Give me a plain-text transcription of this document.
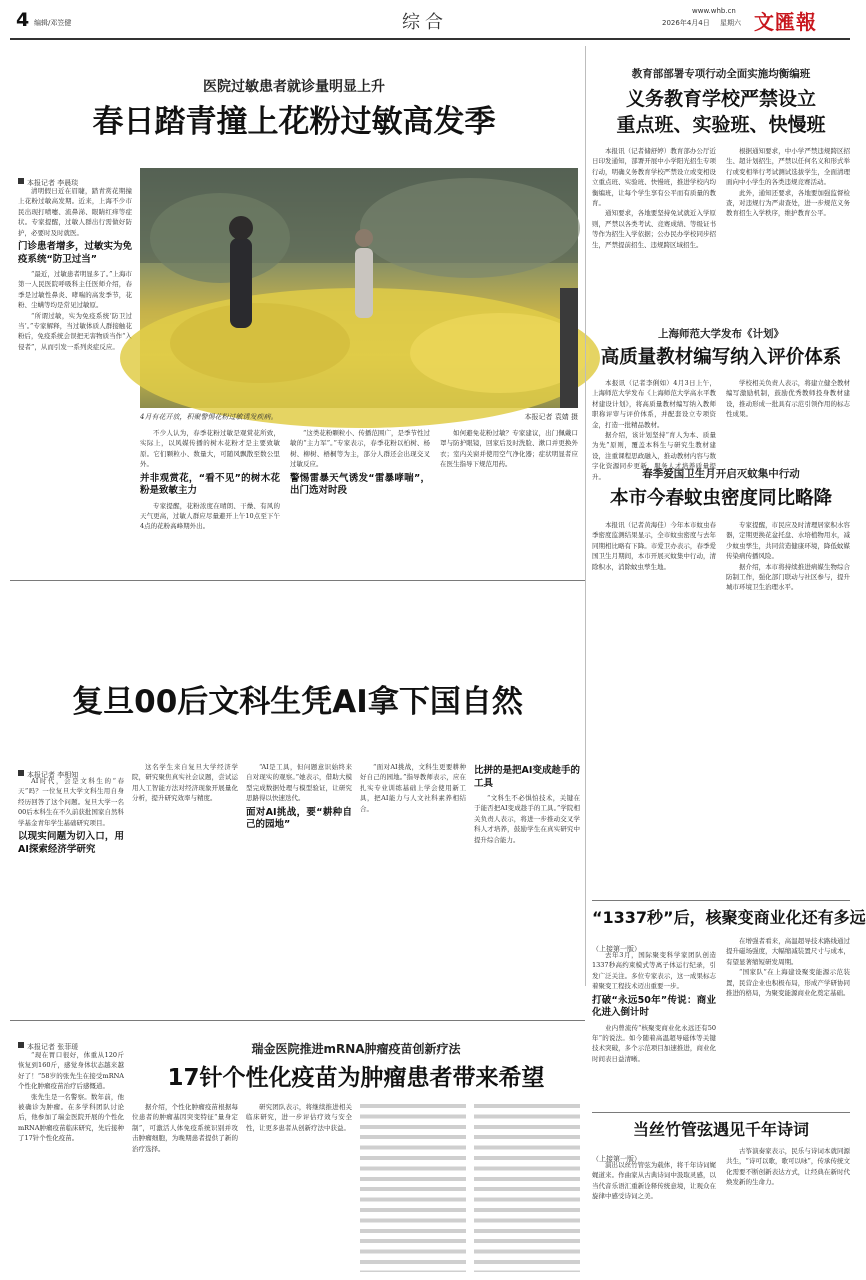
4 编辑/邓笠健	综合
www.whb.cn
2026年4月4日 星期六 文匯報
医院过敏患者就诊量明显上升
春日踏青撞上花粉过敏高发季
本报记者 李晨琰

清明假日近在眉睫，踏青赏花期撞上花粉过敏高发期。近来，上海不少市民出现打喷嚏、流鼻涕、眼睛红痒等症状。专家提醒，过敏人群出行需做好防护，必要时及时就医。

门诊患者增多，过敏实为免疫系统“防卫过当”

“最近，过敏患者明显多了。”上海市第一人民医院呼吸科主任医师介绍，春季是过敏性鼻炎、哮喘的高发季节，花粉、尘螨等均是常见过敏原。

“所谓过敏，实为免疫系统‘防卫过当’。”专家解释，当过敏体质人群接触花粉后，免疫系统会误把无害物质当作“入侵者”，从而引发一系列炎症反应。

4月有花开放，积聚警惕花粉过敏诱发疾病。	本报记者 袁婧 摄

不少人认为，春季花粉过敏是观赏花所致，实际上，以风媒传播的树木花粉才是主要致敏原。它们颗粒小、数量大，可随风飘散至数公里外。

并非观赏花，“看不见”的树木花粉是致敏主力

专家提醒，花粉浓度在晴朗、干燥、有风的天气更高，过敏人群应尽量避开上午10点至下午4点的花粉高峰期外出。

“这类花粉颗粒小、传播范围广，是季节性过敏的“主力军”。”专家表示，春季花粉以柏树、杨树、柳树、梧桐等为主，部分人群还会出现交叉过敏反应。

警惕雷暴天气诱发“雷暴哮喘”，出门选对时段

如何避免花粉过敏？专家建议，出门佩戴口罩与防护眼镜，回家后及时洗脸、漱口并更换外衣；室内关窗并使用空气净化器；症状明显者应在医生指导下规范用药。

教育部部署专项行动全面实施均衡编班
义务教育学校严禁设立
重点班、实验班、快慢班

本报讯（记者储舒婷）教育部办公厅近日印发通知，部署开展中小学阳光招生专项行动，明确义务教育学校严禁设立或变相设立重点班、实验班、快慢班，推进学校内均衡编班，让每个学生享有公平而有质量的教育。

通知要求，各地要坚持免试就近入学原则，严禁以各类考试、竞赛成绩、等级证书等作为招生入学依据；公办民办学校同步招生，严禁提前招生、违规跨区域招生。

根据通知要求，中小学严禁违规跨区招生、超计划招生，严禁以任何名义和形式举行或变相举行考试测试选拔学生，全面清理面向中小学生的各类违规竞赛活动。

此外，通知还要求，各地要加强监督检查，对违规行为严肃查处，进一步规范义务教育招生入学秩序，维护教育公平。

上海师范大学发布《计划》
高质量教材编写纳入评价体系

本报讯（记者李俐如）4月3日上午，上海师范大学发布《上海师范大学高水平教材建设计划》，将高质量教材编写纳入教师职称评审与评价体系，并配套设立专项资金，打造一批精品教材。

据介绍，该计划坚持“育人为本、质量为先”原则，覆盖本科生与研究生教材建设，注重课程思政融入，推动教材内容与数字化资源同步更新，服务人才培养质量提升。

学校相关负责人表示，将建立健全教材编写激励机制，鼓励优秀教师投身教材建设，推动形成一批具有示范引领作用的标志性成果。

春季爱国卫生月开启灭蚊集中行动
本市今春蚊虫密度同比略降

本报讯（记者黄海佳）今年本市蚊虫春季密度监测结果显示，全市蚊虫密度与去年同期相比略有下降。市爱卫办表示，春季爱国卫生月期间，本市开展灭蚊集中行动，清除积水，消除蚊虫孳生地。

专家提醒，市民应及时清理居家积水容器，定期更换花盆托盘、水培植物用水，减少蚊虫孳生，共同营造健康环境，降低蚊媒传染病传播风险。

据介绍，本市将持续推进病媒生物综合防制工作，强化部门联动与社区参与，提升城市环境卫生治理水平。

复旦00后文科生凭AI拿下国自然
本报记者 李相知

AI时代，会是文科生的“春天”吗？一位复旦大学文科生用自身经历回答了这个问题。复旦大学一名00后本科生在不久前获批国家自然科学基金青年学生基础研究项目。

以现实问题为切入口，用AI探索经济学研究

这名学生来自复旦大学经济学院，研究聚焦真实社会议题，尝试运用人工智能方法对经济现象开展量化分析，提升研究效率与精度。

“AI是工具，但问题意识始终来自对现实的观察。”她表示，借助大模型完成数据处理与模型验证，让研究思路得以快速迭代。

面对AI挑战，要“耕种自己的园地”

“面对AI挑战，文科生更要耕种好自己的园地。”指导教师表示，应在扎实专业训练基础上学会使用新工具，把AI能力与人文社科素养相结合。

比拼的是把AI变成趁手的工具

“文科生不必惧怕技术，关键在于能否把AI变成趁手的工具。”学院相关负责人表示，将进一步推动交叉学科人才培养，鼓励学生在真实研究中提升综合能力。

本报记者 张菲瑗

“现在胃口很好，体重从120斤恢复到160斤，感觉身体状态越来越好了！”58岁的张先生在接受mRNA个性化肿瘤疫苗治疗后感慨道。

张先生是一名警察。数年前，他被确诊为肿瘤。在多学科团队讨论后，他参加了瑞金医院开展的个性化mRNA肿瘤疫苗临床研究，先后接种了17针个性化疫苗。

瑞金医院推进mRNA肿瘤疫苗创新疗法
17针个性化疫苗为肿瘤患者带来希望

据介绍，个性化肿瘤疫苗根据每位患者的肿瘤基因突变特征“量身定制”，可激活人体免疫系统识别并攻击肿瘤细胞，为晚期患者提供了新的治疗选择。

研究团队表示，将继续推进相关临床研究，进一步评估疗效与安全性，让更多患者从创新疗法中获益。

“1337秒”后，核聚变商业化还有多远
（上接第一版）

去年3月，国际聚变科学家团队创造1337秒高约束模式等离子体运行纪录，引发广泛关注。多位专家表示，这一成果标志着聚变工程技术迈出重要一步。

打破“永远50年”传说：商业化进入倒计时

业内曾流传“核聚变商业化永远还有50年”的说法。如今随着高温超导磁体等关键技术突破，多个示范项目加速推进，商业化时间表日益清晰。

在增强者看来，高温超导技术路线通过提升磁场强度，大幅缩减装置尺寸与成本，有望显著缩短研发周期。

“国家队”在上海建设聚变能源示范装置，民营企业也积极布局，形成产学研协同推进的格局，为聚变能源商业化奠定基础。

当丝竹管弦遇见千年诗词
（上接第一版）

演出以丝竹管弦为载体，将千年诗词娓娓道来。作曲家从古典诗词中汲取灵感，以当代音乐语汇重新诠释传统意境，让观众在旋律中感受诗词之美。

古筝演奏家表示，民乐与诗词本就同源共生，“诗可以歌，歌可以咏”，传承传统文化需要不断创新表达方式，让经典在新时代焕发新的生命力。
